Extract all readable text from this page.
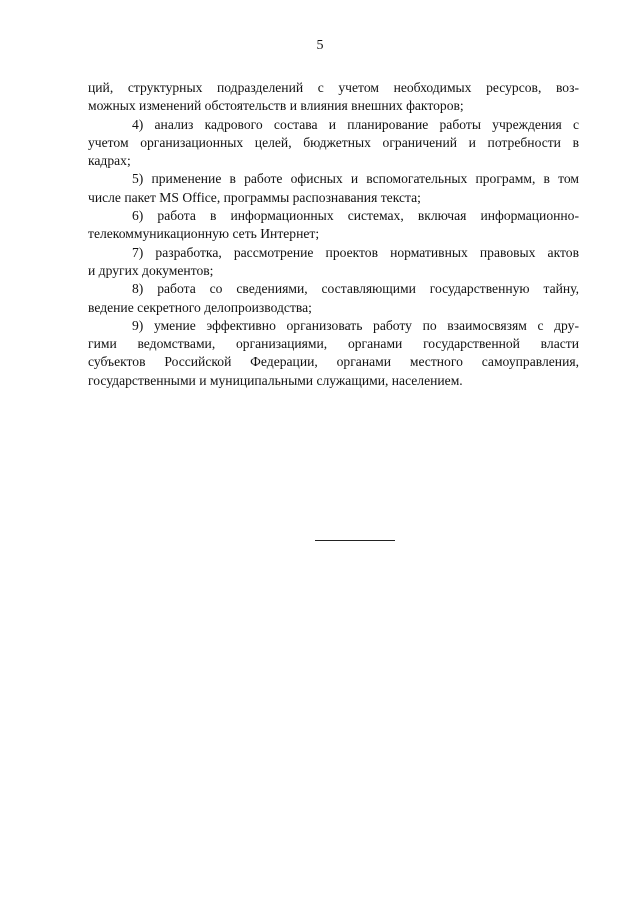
5

ций, структурных подразделений с учетом необходимых ресурсов, воз-
можных изменений обстоятельств и влияния внешних факторов;

4) анализ кадрового состава и планирование работы учреждения с
учетом организационных целей, бюджетных ограничений и потребности в
кадрах;

5) применение в работе офисных и вспомогательных программ, в том
числе пакет MS Office, программы распознавания текста;

6) работа в информационных системах, включая информационно-
телекоммуникационную сеть Интернет;

7) разработка, рассмотрение проектов нормативных правовых актов
и других документов;

8) работа со сведениями, составляющими государственную тайну,
ведение секретного делопроизводства;

9) умение эффективно организовать работу по взаимосвязям с дру-
гими ведомствами, организациями, органами государственной власти
субъектов Российской Федерации, органами местного самоуправления,
государственными и муниципальными служащими, населением.
